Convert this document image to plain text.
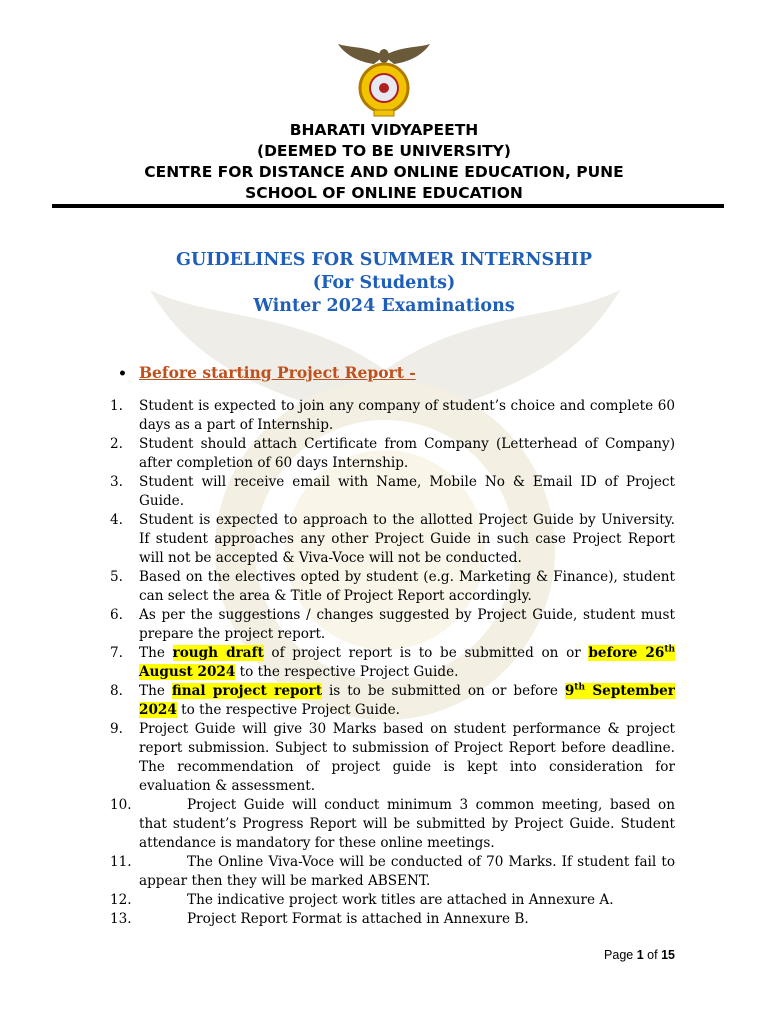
BHARATI VIDYAPEETH
(DEEMED TO BE UNIVERSITY)
CENTRE FOR DISTANCE AND ONLINE EDUCATION, PUNE
SCHOOL OF ONLINE EDUCATION
GUIDELINES FOR SUMMER INTERNSHIP
(For Students)
Winter 2024 Examinations
• Before starting Project Report -
1. Student is expected to join any company of student’s choice and complete 60 days as a part of Internship.
2. Student should attach Certificate from Company (Letterhead of Company) after completion of 60 days Internship.
3. Student will receive email with Name, Mobile No & Email ID of Project Guide.
4. Student is expected to approach to the allotted Project Guide by University. If student approaches any other Project Guide in such case Project Report will not be accepted & Viva-Voce will not be conducted.
5. Based on the electives opted by student (e.g. Marketing & Finance), student can select the area & Title of Project Report accordingly.
6. As per the suggestions / changes suggested by Project Guide, student must prepare the project report.
7. The rough draft of project report is to be submitted on or before 26th August 2024 to the respective Project Guide.
8. The final project report is to be submitted on or before 9th September 2024 to the respective Project Guide.
9. Project Guide will give 30 Marks based on student performance & project report submission. Subject to submission of Project Report before deadline. The recommendation of project guide is kept into consideration for evaluation & assessment.
10.	Project Guide will conduct minimum 3 common meeting, based on that student’s Progress Report will be submitted by Project Guide. Student attendance is mandatory for these online meetings.
11.	The Online Viva-Voce will be conducted of 70 Marks. If student fail to appear then they will be marked ABSENT.
12.	The indicative project work titles are attached in Annexure A.
13.	Project Report Format is attached in Annexure B.
Page 1 of 15
